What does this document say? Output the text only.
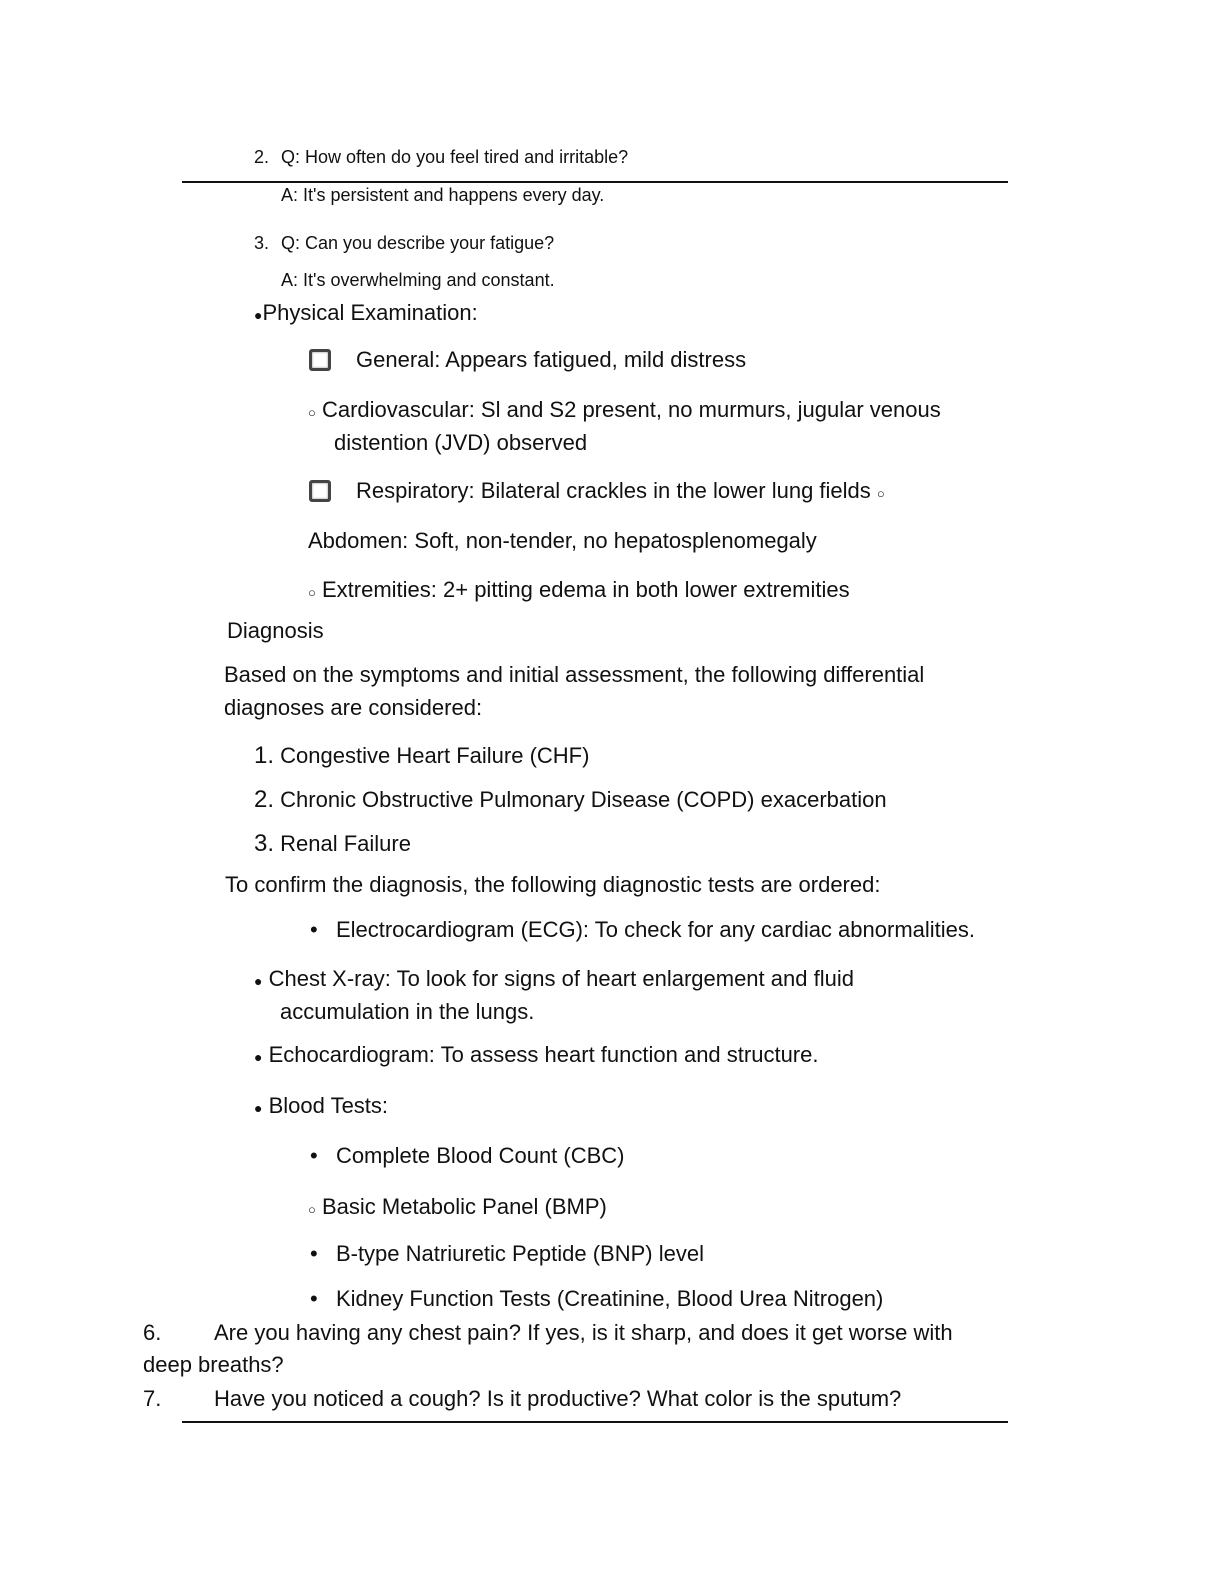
2. Q: How often do you feel tired and irritable?
A: It's persistent and happens every day.
3. Q: Can you describe your fatigue?
A: It's overwhelming and constant.
●Physical Examination:
General: Appears fatigued, mild distress
○ Cardiovascular: Sl and S2 present, no murmurs, jugular venous
distention (JVD) observed
Respiratory: Bilateral crackles in the lower lung fields ○
Abdomen: Soft, non-tender, no hepatosplenomegaly
○ Extremities: 2+ pitting edema in both lower extremities
Diagnosis
Based on the symptoms and initial assessment, the following differential
diagnoses are considered:
1. Congestive Heart Failure (CHF)
2. Chronic Obstructive Pulmonary Disease (COPD) exacerbation
3. Renal Failure
To confirm the diagnosis, the following diagnostic tests are ordered:
• Electrocardiogram (ECG): To check for any cardiac abnormalities.
● Chest X-ray: To look for signs of heart enlargement and fluid
accumulation in the lungs.
● Echocardiogram: To assess heart function and structure.
● Blood Tests:
• Complete Blood Count (CBC)
○ Basic Metabolic Panel (BMP)
• B-type Natriuretic Peptide (BNP) level
• Kidney Function Tests (Creatinine, Blood Urea Nitrogen)
6. Are you having any chest pain? If yes, is it sharp, and does it get worse with
deep breaths?
7. Have you noticed a cough? Is it productive? What color is the sputum?
